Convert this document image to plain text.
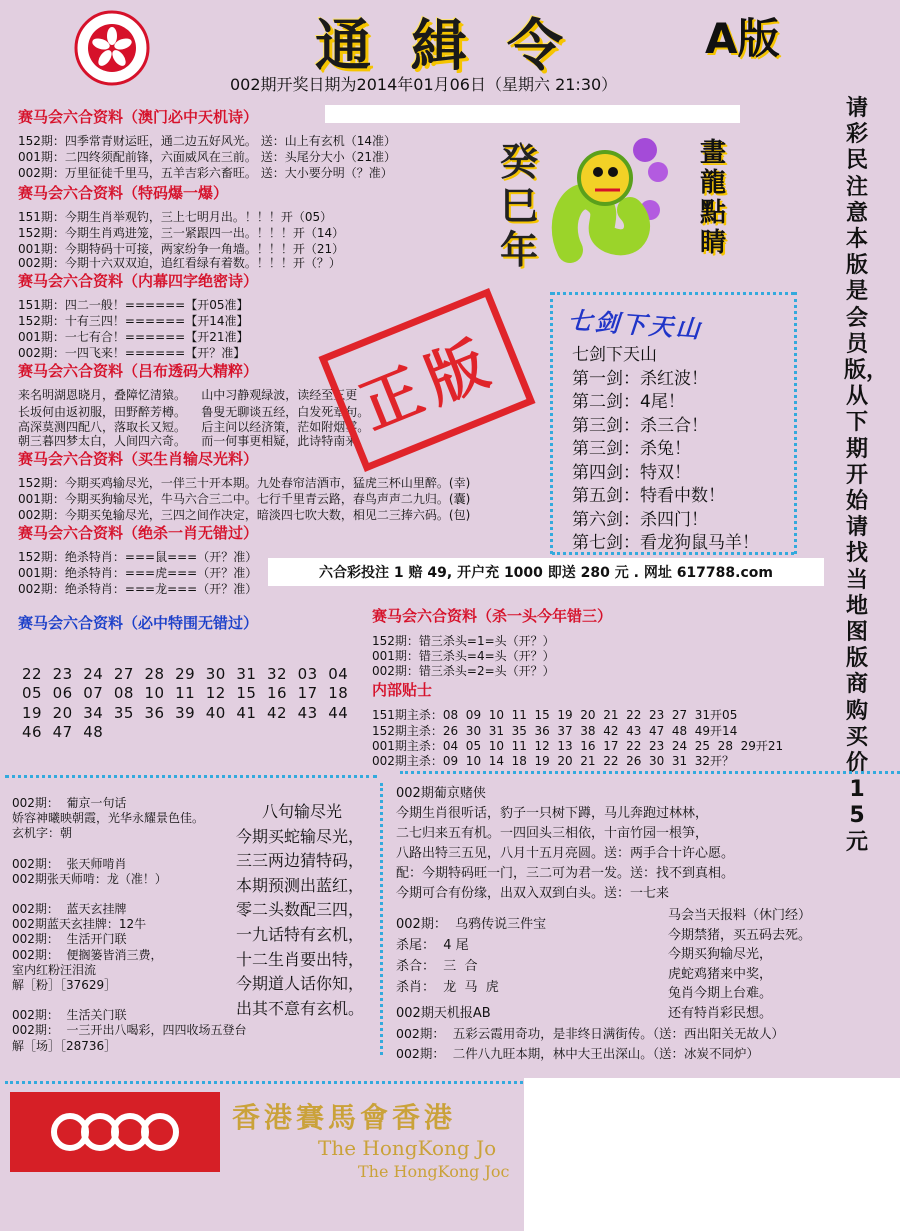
通緝令 A版
002期开奖日期为2014年01月06日（星期六 21:30）
请彩民注意本版是会员版，从下期开始请找当地图版商购买价15元
癸巳年
畫龍點睛
赛马会六合资料（澳门必中天机诗）
152期：四季常青财运旺，通二边五好风光。 送：山上有玄机（14准）
001期：二四终须配前锋，六面威风在三前。 送：头尾分大小（21准）
002期：万里征徒千里马，五羊吉彩六畜旺。 送：大小要分明（？准）
赛马会六合资料（特码爆一爆）
151期：今期生肖举观钓，三上七明月出。！！！开（05）
152期：今期生肖鸡进笼，三一紧跟四一出。！！！开（14）
001期：今期特码十可接，两家纷争一角墙。！！！开（21）
002期：今期十六双双迫，追红看绿有着数。！！！开（？）
赛马会六合资料（内幕四字绝密诗）
151期：四二一般！======【开05准】
152期：十有三四！======【开14准】
001期：一七有合！======【开21准】
002期：一四飞来！======【开？准】
赛马会六合资料（吕布透码大精粹）
来名明湖恩晓月，叠障忆清猿。    山中习静观绿波，读经至三更
长坂何由返初服，田野醉芳樽。    鲁叟无聊谈五经，白发死章句。
高深莫测四配八，落取长又短。    后主问以经济策，茫如附烟雾。
朝三暮四梦太白，人间四六奇。    而一何事更相疑，此诗特南来。
赛马会六合资料（买生肖输尽光料）
152期：今期买鸡输尽光，一伴三十开本期。九处春帘洁酒市，猛虎三杯山里醉。(幸)
001期：今期买狗输尽光，牛马六合三二中。七行千里青云路，春鸟声声二九归。(囊)
002期：今期买兔输尽光，三四之间作决定，暗淡四七吹大数，相见二三捧六码。(包)
赛马会六合资料（绝杀一肖无错过）
152期：绝杀特肖：===鼠===（开？准）
001期：绝杀特肖：===虎===（开？准）
002期：绝杀特肖：===龙===（开？准）
赛马会六合资料（必中特围无错过）
22  23  24  27  28  29  30  31  32  03  04
05  06  07  08  10  11  12  15  16  17  18
19  20  34  35  36  39  40  41  42  43  44
46  47  48
正版
七剑下天山
七剑下天山
第一剑：杀红波！
第二剑：4尾！
第三剑：杀三合！
第三剑：杀兔！
第四剑：特双！
第五剑：特看中数！
第六剑：杀四门！
第七剑：看龙狗鼠马羊！
六合彩投注 1 赔 49, 开户充 1000 即送 280 元 . 网址 617788.com
赛马会六合资料（杀一头今年错三）
152期：错三杀头=1=头（开？）
001期：错三杀头=4=头（开？）
002期：错三杀头=2=头（开？）
内部贴士
151期主杀：08  09  10  11  15  19  20  21  22  23  27  31开05
152期主杀：26  30  31  35  36  37  38  42  43  47  48  49开14
001期主杀：04  05  10  11  12  13  16  17  22  23  24  25  28  29开21
002期主杀：09  10  14  18  19  20  21  22  26  30  31  32开？
002期：  葡京一句话
娇容神曦映朝霞，光华永耀景色佳。
玄机字：朝
002期：  张天师啃肖
002期张天师啃：龙（准！）
002期：  蓝天玄挂牌
002期蓝天玄挂牌：12牛
002期：  生活开门联
002期：  便搁篓皆消三费，
室内红粉汪泪流
解［粉］［37629］
002期：  生活关门联
002期：  一三开出八喝彩，四四收场五登台
解［场］［28736］
八句输尽光
今期买蛇输尽光，
三三两边猜特码，
本期预测出蓝红，
零二头数配三四，
一九话特有玄机，
十二生肖要出特，
今期道人话你知，
出其不意有玄机。
002期葡京赌侠
今期生肖很听话，豹子一只树下蹲，马儿奔跑过林林，
二七归来五有机。一四回头三相依，十亩竹园一根笋，
八路出特三五见，八月十五月亮圆。送：两手合十许心愿。
配：今期特码旺一门，三二可为君一发。送：找不到真相。
今期可合有份缘，出双入双到白头。送：一七来
002期：  乌鸦传说三件宝
杀尾：  4 尾
杀合：  三  合
杀肖：  龙  马  虎
马会当天报料（休门经）
今期禁猪，买五码去死。
今期买狗输尽光，
虎蛇鸡猪来中奖，
兔肖今期上台难。
还有特肖彩民想。
002期天机报AB
002期：  五彩云霞用奇功，是非终日满街传。（送：西出阳关无故人）
002期：  二件八九旺本期，林中大王出深山。（送：冰炭不同炉）
香港賽馬會香港
The HongKong Jo
The HongKong Joc
